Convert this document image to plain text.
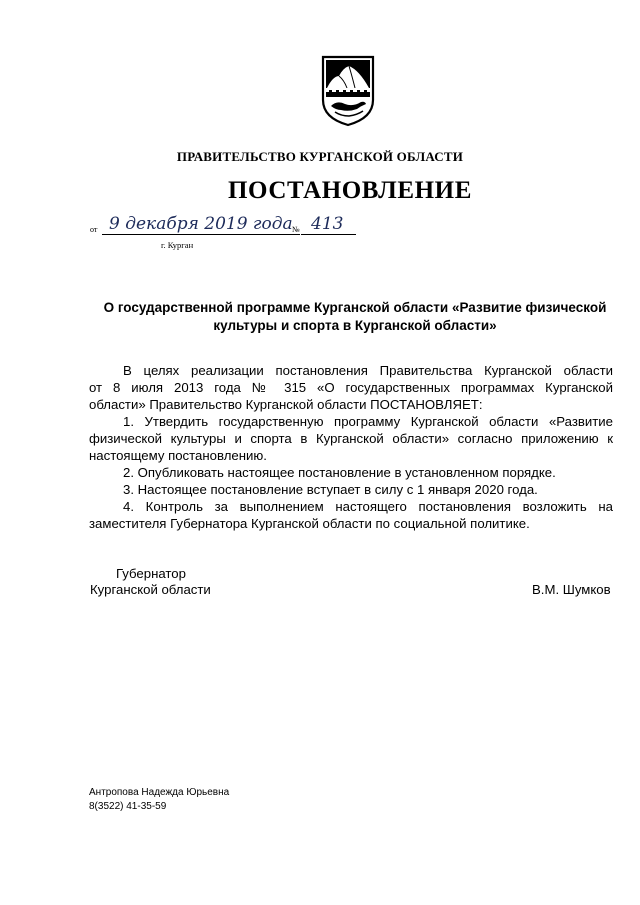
ПРАВИТЕЛЬСТВО КУРГАНСКОЙ ОБЛАСТИ
ПОСТАНОВЛЕНИЕ
от 9 декабря 2019 года № 413
г. Курган
О государственной программе Курганской области «Развитие физической
культуры и спорта в Курганской области»
В целях реализации постановления Правительства Курганской области
от 8 июля 2013 года № 315 «О государственных программах Курганской
области» Правительство Курганской области ПОСТАНОВЛЯЕТ:
1. Утвердить государственную программу Курганской области «Развитие
физической культуры и спорта в Курганской области» согласно приложению к
настоящему постановлению.
2. Опубликовать настоящее постановление в установленном порядке.
3. Настоящее постановление вступает в силу с 1 января 2020 года.
4. Контроль за выполнением настоящего постановления возложить на
заместителя Губернатора Курганской области по социальной политике.
Губернатор
Курганской области	В.М. Шумков
Антропова Надежда Юрьевна
8(3522) 41-35-59
